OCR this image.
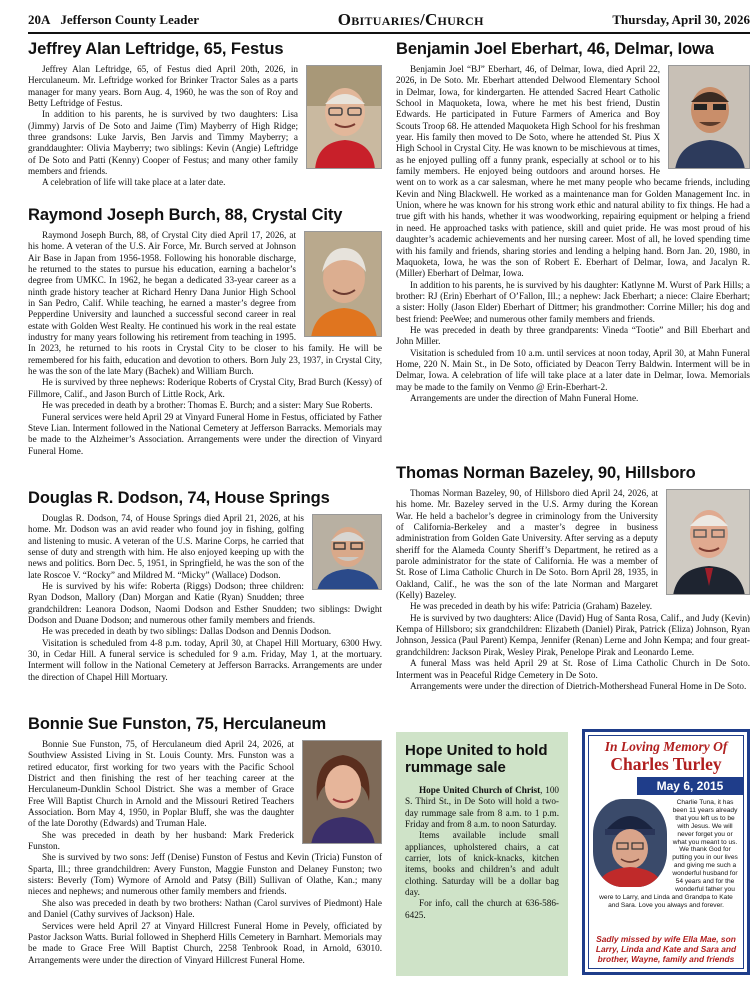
20A Jefferson County Leader	Obituaries/Church	Thursday, April 30, 2026
Jeffrey Alan Leftridge, 65, Festus

Jeffrey Alan Leftridge, 65, of Festus died April 20th, 2026, in Herculaneum. Mr. Leftridge worked for Brinker Tractor Sales as a parts manager for many years. Born Aug. 4, 1960, he was the son of Roy and Betty Leftridge of Festus.

In addition to his parents, he is survived by two daughters: Lisa (Jimmy) Jarvis of De Soto and Jaime (Tim) Mayberry of High Ridge; three grandsons: Luke Jarvis, Ben Jarvis and Timmy Mayberry; a granddaughter: Olivia Mayberry; two siblings: Kevin (Angie) Leftridge of De Soto and Patti (Kenny) Cooper of Festus; and many other family members and friends.

A celebration of life will take place at a later date.

Raymond Joseph Burch, 88, Crystal City

Raymond Joseph Burch, 88, of Crystal City died April 17, 2026, at his home. A veteran of the U.S. Air Force, Mr. Burch served at Johnson Air Base in Japan from 1956-1958. Following his honorable discharge, he returned to the states to pursue his education, earning a bachelor’s degree from UMKC. In 1962, he began a dedicated 33-year career as a ninth grade history teacher at Richard Henry Dana Junior High School in San Pedro, Calif. While teaching, he earned a master’s degree from Pepperdine University and launched a successful second career in real estate with Golden West Realty. He continued his work in the real estate industry for many years following his retirement from teaching in 1995. In 2023, he returned to his roots in Crystal City to be closer to his family. He will be remembered for his faith, education and devotion to others. Born July 23, 1937, in Crystal City, he was the son of the late Mary (Bachek) and William Burch.

He is survived by three nephews: Roderique Roberts of Crystal City, Brad Burch (Kessy) of Fillmore, Calif., and Jason Burch of Little Rock, Ark.

He was preceded in death by a brother: Thomas E. Burch; and a sister: Mary Sue Roberts.

Funeral services were held April 29 at Vinyard Funeral Home in Festus, officiated by Father Steve Lian. Interment followed in the National Cemetery at Jefferson Barracks. Memorials may be made to the Alzheimer’s Association. Arrangements were under the direction of Vinyard Funeral Home.

Douglas R. Dodson, 74, House Springs

Douglas R. Dodson, 74, of House Springs died April 21, 2026, at his home. Mr. Dodson was an avid reader who found joy in fishing, golfing and listening to music. A veteran of the U.S. Marine Corps, he carried that sense of duty and strength with him. He also enjoyed keeping up with the news and politics. Born Dec. 5, 1951, in Springfield, he was the son of the late Roscoe V. “Rocky” and Mildred M. “Micky” (Wallace) Dodson.

He is survived by his wife: Roberta (Riggs) Dodson; three children: Ryan Dodson, Mallory (Dan) Morgan and Katie (Ryan) Snudden; three grandchildren: Leanora Dodson, Naomi Dodson and Esther Snudden; two siblings: Dwight Dodson and Duane Dodson; and numerous other family members and friends.

He was preceded in death by two siblings: Dallas Dodson and Dennis Dodson.

Visitation is scheduled from 4-8 p.m. today, April 30, at Chapel Hill Mortuary, 6300 Hwy. 30, in Cedar Hill. A funeral service is scheduled for 9 a.m. Friday, May 1, at the mortuary. Interment will follow in the National Cemetery at Jefferson Barracks. Arrangements are under the direction of Chapel Hill Mortuary.

Bonnie Sue Funston, 75, Herculaneum

Bonnie Sue Funston, 75, of Herculaneum died April 24, 2026, at Southview Assisted Living in St. Louis County. Mrs. Funston was a retired educator, first working for two years with the Pacific School District and then finishing the rest of her teaching career at the Herculaneum-Dunklin School District. She was a member of Grace Free Will Baptist Church in Arnold and the Missouri Retired Teachers Association. Born May 4, 1950, in Poplar Bluff, she was the daughter of the late Dorothy (Edwards) and Truman Hale.

She was preceded in death by her husband: Mark Frederick Funston.

She is survived by two sons: Jeff (Denise) Funston of Festus and Kevin (Tricia) Funston of Sparta, Ill.; three grandchildren: Avery Funston, Maggie Funston and Delaney Funston; two sisters: Beverly (Tom) Wymore of Arnold and Patsy (Bill) Sullivan of Olathe, Kan.; many nieces and nephews; and numerous other family members and friends.

She also was preceded in death by two brothers: Nathan (Carol survives of Piedmont) Hale and Daniel (Cathy survives of Jackson) Hale.

Services were held April 27 at Vinyard Hillcrest Funeral Home in Pevely, officiated by Pastor Jackson Watts. Burial followed in Shepherd Hills Cemetery in Barnhart. Memorials may be made to Grace Free Will Baptist Church, 2258 Tenbrook Road, in Arnold, 63010. Arrangements were under the direction of Vinyard Hillcrest Funeral Home.

Benjamin Joel Eberhart, 46, Delmar, Iowa

Benjamin Joel “BJ” Eberhart, 46, of Delmar, Iowa, died April 22, 2026, in De Soto. Mr. Eberhart attended Delwood Elementary School in Delmar, Iowa, for kindergarten. He attended Sacred Heart Catholic School in Maquoketa, Iowa, where he met his best friend, Dustin Edwards. He participated in Future Farmers of America and Boy Scouts Troop 68. He attended Maquoketa High School for his freshman year. His family then moved to De Soto, where he attended St. Pius X High School in Crystal City. He was known to be mischievous at times, as he enjoyed pulling off a funny prank, especially at school or to his family members. He enjoyed being outdoors and around horses. He went on to work as a car salesman, where he met many people who became friends, including Kevin and Ning Blackwell. He worked as a maintenance man for Golden Management Inc. in Union, where he was known for his strong work ethic and natural ability to fix things. He had a true gift with his hands, whether it was woodworking, repairing equipment or helping a friend in need. He approached tasks with patience, skill and quiet pride. He was most proud of his daughter’s academic achievements and her nursing career. Most of all, he loved spending time with his family and friends, sharing stories and lending a helping hand. Born Jan. 20, 1980, in Maquoketa, Iowa, he was the son of Robert E. Eberhart of Delmar, Iowa, and Jacalyn R. (Miller) Eberhart of Delmar, Iowa.

In addition to his parents, he is survived by his daughter: Katlynne M. Wurst of Park Hills; a brother: RJ (Erin) Eberhart of O’Fallon, Ill.; a nephew: Jack Eberhart; a niece: Claire Eberhart; a sister: Holly (Jason Elder) Eberhart of Dittmer; his grandmother: Corrine Miller; his dog and best friend: PeeWee; and numerous other family members and friends.

He was preceded in death by three grandparents: Vineda “Tootie” and Bill Eberhart and John Miller.

Visitation is scheduled from 10 a.m. until services at noon today, April 30, at Mahn Funeral Home, 220 N. Main St., in De Soto, officiated by Deacon Terry Baldwin. Interment will be in Delmar, Iowa. A celebration of life will take place at a later date in Delmar, Iowa. Memorials may be made to the family on Venmo @ Erin-Eberhart-2.

Arrangements are under the direction of Mahn Funeral Home.

Thomas Norman Bazeley, 90, Hillsboro

Thomas Norman Bazeley, 90, of Hillsboro died April 24, 2026, at his home. Mr. Bazeley served in the U.S. Army during the Korean War. He held a bachelor’s degree in criminology from the University of California-Berkeley and a master’s degree in business administration from Golden Gate University. After serving as a deputy sheriff for the Alameda County Sheriff’s Department, he retired as a parole administrator for the state of California. He was a member of St. Rose of Lima Catholic Church in De Soto. Born April 28, 1935, in Oakland, Calif., he was the son of the late Norman and Margaret (Kelly) Bazeley.

He was preceded in death by his wife: Patricia (Graham) Bazeley.

He is survived by two daughters: Alice (David) Hug of Santa Rosa, Calif., and Judy (Kevin) Kempa of Hillsboro; six grandchildren: Elizabeth (Daniel) Pirak, Patrick (Eliza) Johnson, Ryan Johnson, Jessica (Paul Parent) Kempa, Jennifer (Renan) Lerne and John Kempa; and four great-grandchildren: Jackson Pirak, Wesley Pirak, Penelope Pirak and Leonardo Leme.

A funeral Mass was held April 29 at St. Rose of Lima Catholic Church in De Soto. Interment was in Peaceful Ridge Cemetery in De Soto.

Arrangements were under the direction of Dietrich-Mothershead Funeral Home in De Soto.

Hope United to hold rummage sale

Hope United Church of Christ, 100 S. Third St., in De Soto will hold a two-day rummage sale from 8 a.m. to 1 p.m. Friday and from 8 a.m. to noon Saturday.

Items available include small appliances, upholstered chairs, a cat carrier, lots of knick-knacks, kitchen items, books and children’s and adult clothing. Saturday will be a dollar bag day.

For info, call the church at 636-586-6425.

In Loving Memory Of
Charles Turley
May 6, 2015
Charlie Tuna, it has been 11 years already that you left us to be with Jesus. We will never forget you or what you meant to us. We thank God for putting you in our lives and giving me such a wonderful husband for 54 years and for the wonderful father you were to Larry, and Linda and Grandpa to Kate and Sara. Love you always and forever.
Sadly missed by wife Ella Mae, son Larry, Linda and Kate and Sara and brother, Wayne, family and friends
